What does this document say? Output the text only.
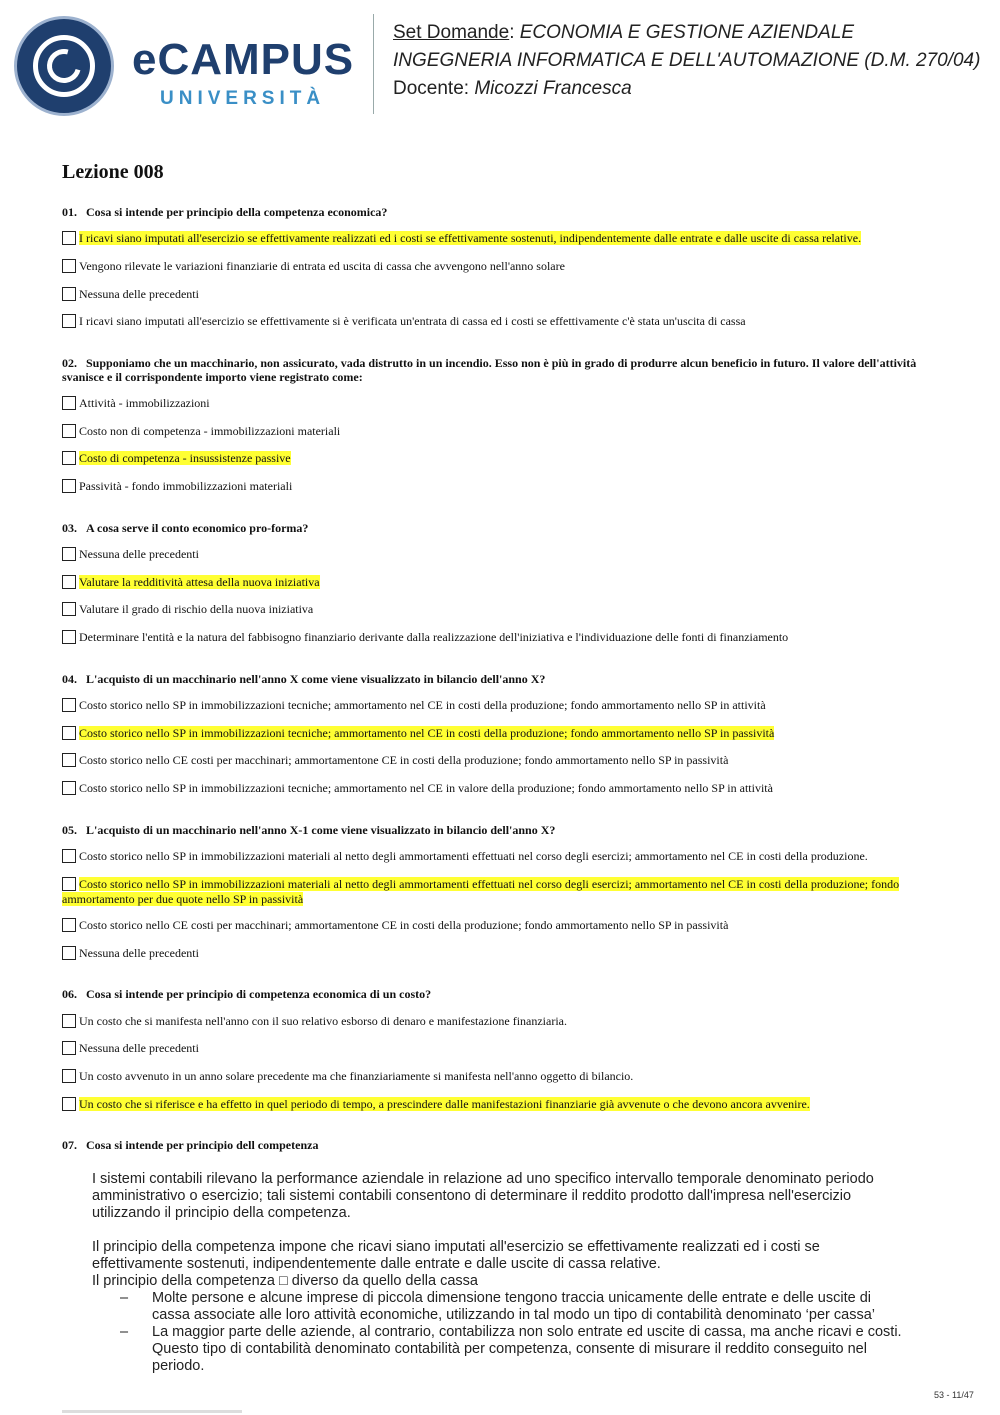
eCAMPUS
UNIVERSITÀ
Set Domande: ECONOMIA E GESTIONE AZIENDALE
INGEGNERIA INFORMATICA E DELL'AUTOMAZIONE (D.M. 270/04)
Docente: Micozzi Francesca
Lezione 008
01. Cosa si intende per principio della competenza economica?
I ricavi siano imputati all'esercizio se effettivamente realizzati ed i costi se effettivamente sostenuti, indipendentemente dalle entrate e dalle uscite di cassa relative.
Vengono rilevate le variazioni finanziarie di entrata ed uscita di cassa che avvengono nell'anno solare
Nessuna delle precedenti
I ricavi siano imputati all'esercizio se effettivamente si è verificata un'entrata di cassa ed i costi se effettivamente c'è stata un'uscita di cassa
02. Supponiamo che un macchinario, non assicurato, vada distrutto in un incendio. Esso non è più in grado di produrre alcun beneficio in futuro. Il valore dell'attività svanisce e il corrispondente importo viene registrato come:
Attività - immobilizzazioni
Costo non di competenza - immobilizzazioni materiali
Costo di competenza - insussistenze passive
Passività - fondo immobilizzazioni materiali
03. A cosa serve il conto economico pro-forma?
Nessuna delle precedenti
Valutare la redditività attesa della nuova iniziativa
Valutare il grado di rischio della nuova iniziativa
Determinare l'entità e la natura del fabbisogno finanziario derivante dalla realizzazione dell'iniziativa e l'individuazione delle fonti di finanziamento
04. L'acquisto di un macchinario nell'anno X come viene visualizzato in bilancio dell'anno X?
Costo storico nello SP in immobilizzazioni tecniche; ammortamento nel CE in costi della produzione; fondo ammortamento nello SP in attività
Costo storico nello SP in immobilizzazioni tecniche; ammortamento nel CE in costi della produzione; fondo ammortamento nello SP in passività
Costo storico nello CE costi per macchinari; ammortamentone CE in costi della produzione; fondo ammortamento nello SP in passività
Costo storico nello SP in immobilizzazioni tecniche; ammortamento nel CE in valore della produzione; fondo ammortamento nello SP in attività
05. L'acquisto di un macchinario nell'anno X-1 come viene visualizzato in bilancio dell'anno X?
Costo storico nello SP in immobilizzazioni materiali al netto degli ammortamenti effettuati nel corso degli esercizi; ammortamento nel CE in costi della produzione.
Costo storico nello SP in immobilizzazioni materiali al netto degli ammortamenti effettuati nel corso degli esercizi; ammortamento nel CE in costi della produzione; fondo ammortamento per due quote nello SP in passività
Costo storico nello CE costi per macchinari; ammortamentone CE in costi della produzione; fondo ammortamento nello SP in passività
Nessuna delle precedenti
06. Cosa si intende per principio di competenza economica di un costo?
Un costo che si manifesta nell'anno con il suo relativo esborso di denaro e manifestazione finanziaria.
Nessuna delle precedenti
Un costo avvenuto in un anno solare precedente ma che finanziariamente si manifesta nell'anno oggetto di bilancio.
Un costo che si riferisce e ha effetto in quel periodo di tempo, a prescindere dalle manifestazioni finanziarie già avvenute o che devono ancora avvenire.
07. Cosa si intende per principio dell competenza

I sistemi contabili rilevano la performance aziendale in relazione ad uno specifico intervallo temporale denominato periodo amministrativo o esercizio; tali sistemi contabili consentono di determinare il reddito prodotto dall'impresa nell'esercizio utilizzando il principio della competenza.

Il principio della competenza impone che ricavi siano imputati all'esercizio se effettivamente realizzati ed i costi se effettivamente sostenuti, indipendentemente dalle entrate e dalle uscite di cassa relative.

Il principio della competenza □ diverso da quello della cassa

– Molte persone e alcune imprese di piccola dimensione tengono traccia unicamente delle entrate e delle uscite di cassa associate alle loro attività economiche, utilizzando in tal modo un tipo di contabilità denominato ‘per cassa’
– La maggior parte delle aziende, al contrario, contabilizza non solo entrate ed uscite di cassa, ma anche ricavi e costi. Questo tipo di contabilità denominato contabilità per competenza, consente di misurare il reddito conseguito nel periodo.
53 - 11/47
